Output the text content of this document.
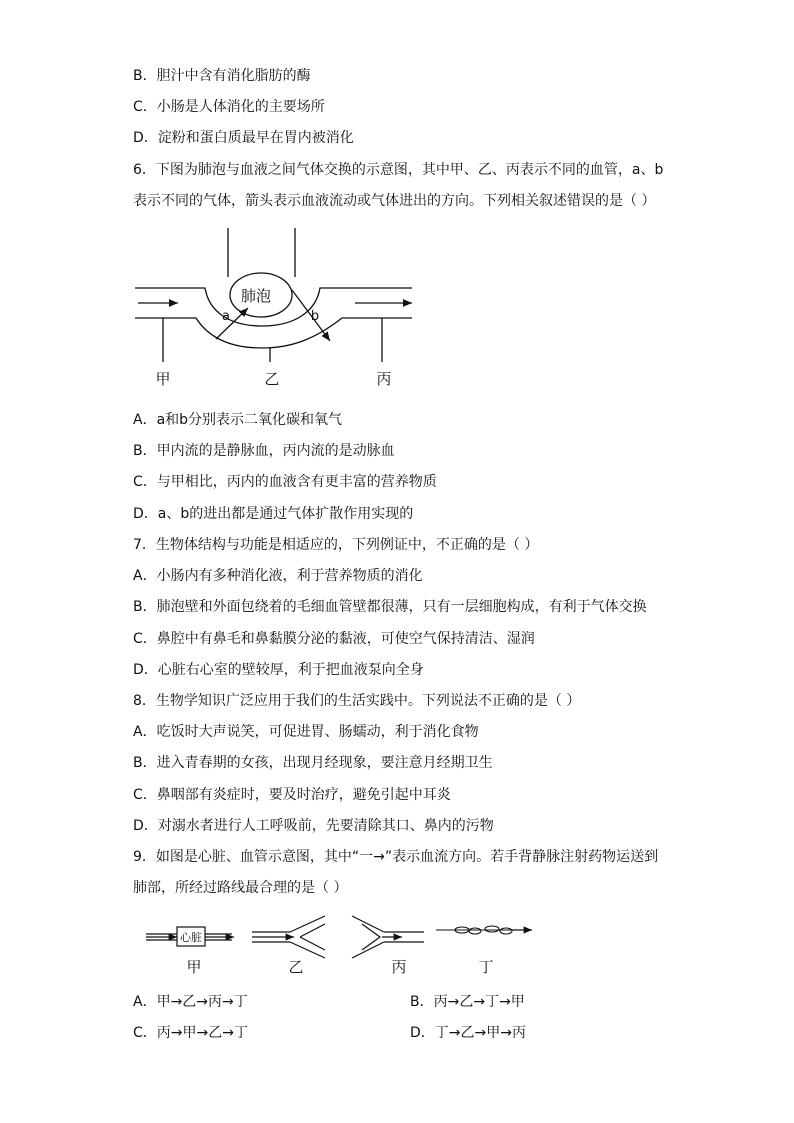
B．胆汁中含有消化脂肪的酶
C．小肠是人体消化的主要场所
D．淀粉和蛋白质最早在胃内被消化
6．下图为肺泡与血液之间气体交换的示意图，其中甲、乙、丙表示不同的血管，a、b
表示不同的气体，箭头表示血液流动或气体进出的方向。下列相关叙述错误的是（ ）
肺泡
a	b
甲	乙	丙
A．a和b分别表示二氧化碳和氧气
B．甲内流的是静脉血，丙内流的是动脉血
C．与甲相比，丙内的血液含有更丰富的营养物质
D．a、b的进出都是通过气体扩散作用实现的
7．生物体结构与功能是相适应的，下列例证中，不正确的是（ ）
A．小肠内有多种消化液，利于营养物质的消化
B．肺泡壁和外面包绕着的毛细血管壁都很薄，只有一层细胞构成，有利于气体交换
C．鼻腔中有鼻毛和鼻黏膜分泌的黏液，可使空气保持清洁、湿润
D．心脏右心室的壁较厚，利于把血液泵向全身
8．生物学知识广泛应用于我们的生活实践中。下列说法不正确的是（ ）
A．吃饭时大声说笑，可促进胃、肠蠕动，利于消化食物
B．进入青春期的女孩，出现月经现象，要注意月经期卫生
C．鼻咽部有炎症时，要及时治疗，避免引起中耳炎
D．对溺水者进行人工呼吸前，先要清除其口、鼻内的污物
9．如图是心脏、血管示意图，其中“一→”表示血流方向。若手背静脉注射药物运送到
肺部，所经过路线最合理的是（ ）
心脏
甲	乙	丙	丁
A．甲→乙→丙→丁	B．丙→乙→丁→甲
C．丙→甲→乙→丁	D．丁→乙→甲→丙
